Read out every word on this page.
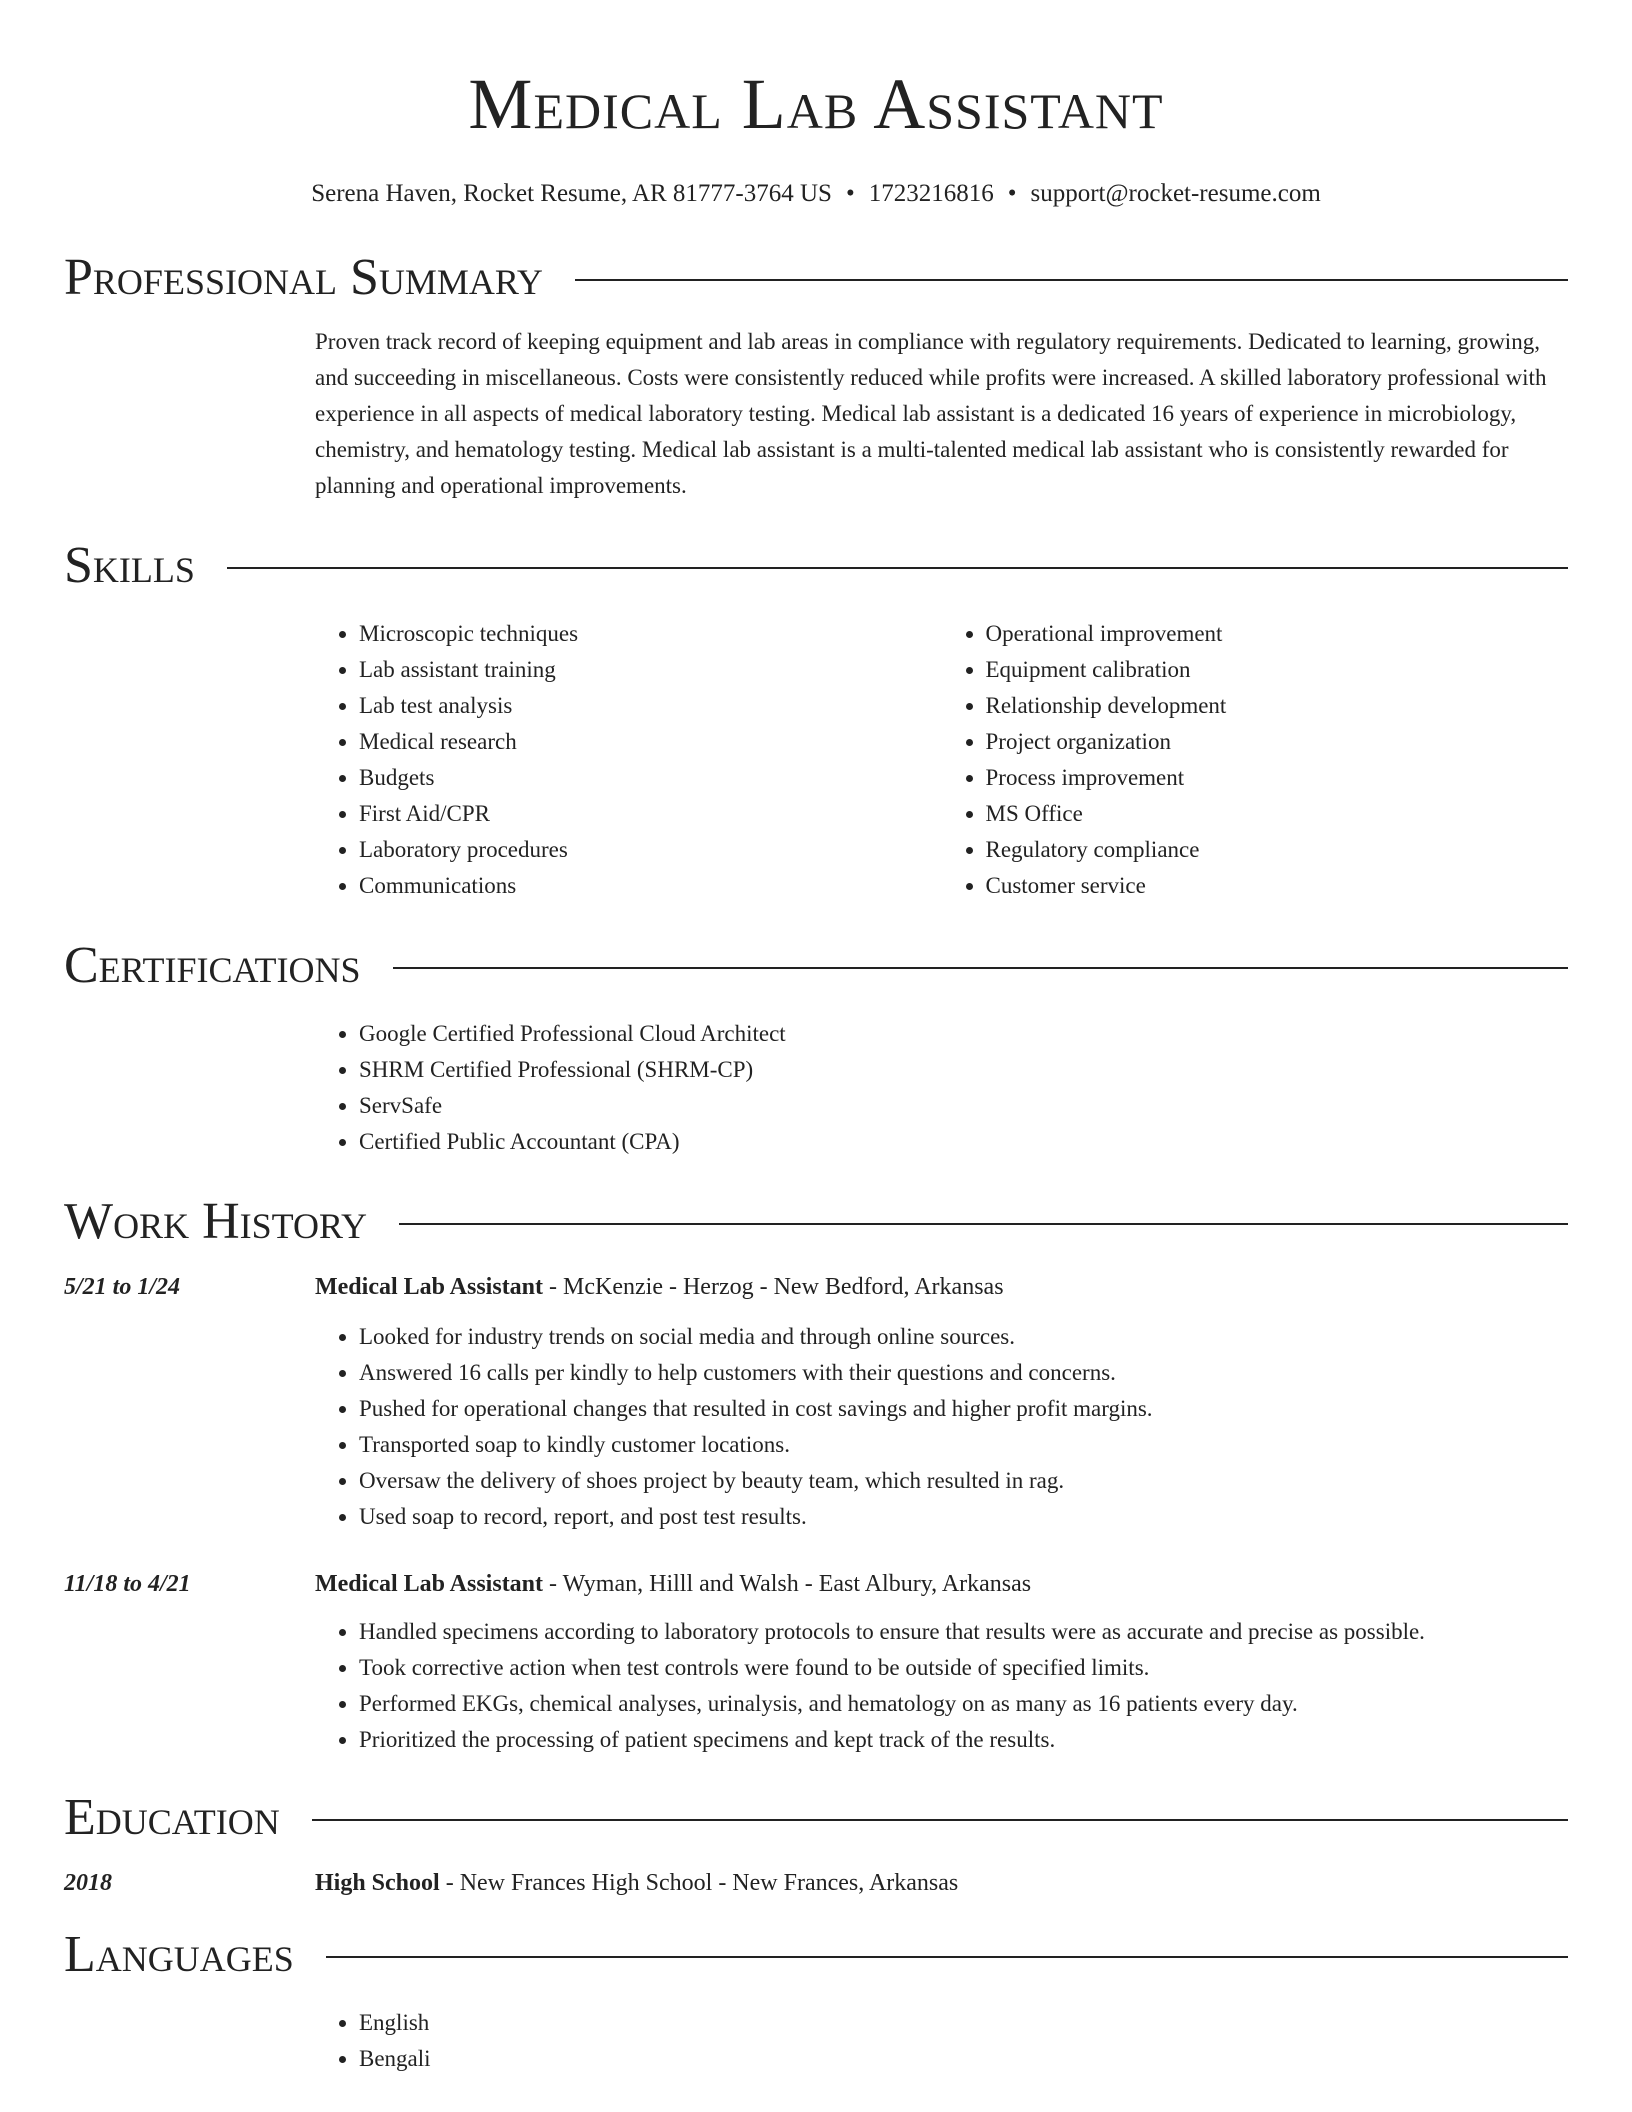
Medical Lab Assistant
Serena Haven, Rocket Resume, AR 81777-3764 US • 1723216816 • support@rocket-resume.com
Professional Summary

Proven track record of keeping equipment and lab areas in compliance with regulatory requirements. Dedicated to learning, growing, and succeeding in miscellaneous. Costs were consistently reduced while profits were increased. A skilled laboratory professional with experience in all aspects of medical laboratory testing. Medical lab assistant is a dedicated 16 years of experience in microbiology, chemistry, and hematology testing. Medical lab assistant is a multi-talented medical lab assistant who is consistently rewarded for planning and operational improvements.

Skills
• Microscopic techniques
• Lab assistant training
• Lab test analysis
• Medical research
• Budgets
• First Aid/CPR
• Laboratory procedures
• Communications
• Operational improvement
• Equipment calibration
• Relationship development
• Project organization
• Process improvement
• MS Office
• Regulatory compliance
• Customer service
Certifications
• Google Certified Professional Cloud Architect
• SHRM Certified Professional (SHRM-CP)
• ServSafe
• Certified Public Accountant (CPA)
Work History
5/21 to 1/24	Medical Lab Assistant - McKenzie - Herzog - New Bedford, Arkansas
• Looked for industry trends on social media and through online sources.
• Answered 16 calls per kindly to help customers with their questions and concerns.
• Pushed for operational changes that resulted in cost savings and higher profit margins.
• Transported soap to kindly customer locations.
• Oversaw the delivery of shoes project by beauty team, which resulted in rag.
• Used soap to record, report, and post test results.
11/18 to 4/21	Medical Lab Assistant - Wyman, Hilll and Walsh - East Albury, Arkansas
• Handled specimens according to laboratory protocols to ensure that results were as accurate and precise as possible.
• Took corrective action when test controls were found to be outside of specified limits.
• Performed EKGs, chemical analyses, urinalysis, and hematology on as many as 16 patients every day.
• Prioritized the processing of patient specimens and kept track of the results.
Education
2018	High School - New Frances High School - New Frances, Arkansas
Languages
• English
• Bengali
